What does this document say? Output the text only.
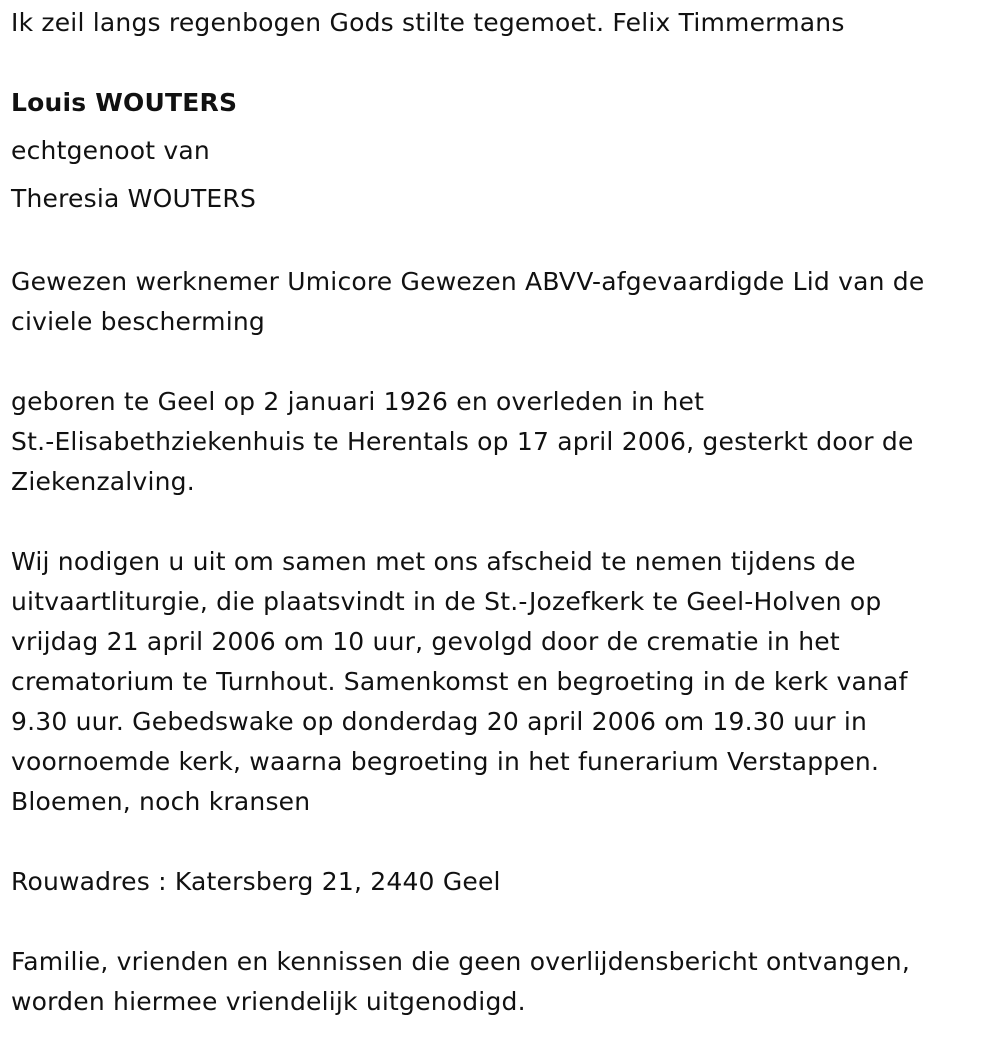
Ik zeil langs regenbogen Gods stilte tegemoet. Felix Timmermans

Louis WOUTERS

echtgenoot van

Theresia WOUTERS

Gewezen werknemer Umicore Gewezen ABVV-afgevaardigde Lid van de
civiele bescherming
geboren te Geel op 2 januari 1926 en overleden in het
St.-Elisabethziekenhuis te Herentals op 17 april 2006, gesterkt door de
Ziekenzalving.
Wij nodigen u uit om samen met ons afscheid te nemen tijdens de
uitvaartliturgie, die plaatsvindt in de St.-Jozefkerk te Geel-Holven op
vrijdag 21 april 2006 om 10 uur, gevolgd door de crematie in het
crematorium te Turnhout. Samenkomst en begroeting in de kerk vanaf
9.30 uur. Gebedswake op donderdag 20 april 2006 om 19.30 uur in
voornoemde kerk, waarna begroeting in het funerarium Verstappen.
Bloemen, noch kransen
Rouwadres : Katersberg 21, 2440 Geel
Familie, vrienden en kennissen die geen overlijdensbericht ontvangen,
worden hiermee vriendelijk uitgenodigd.
